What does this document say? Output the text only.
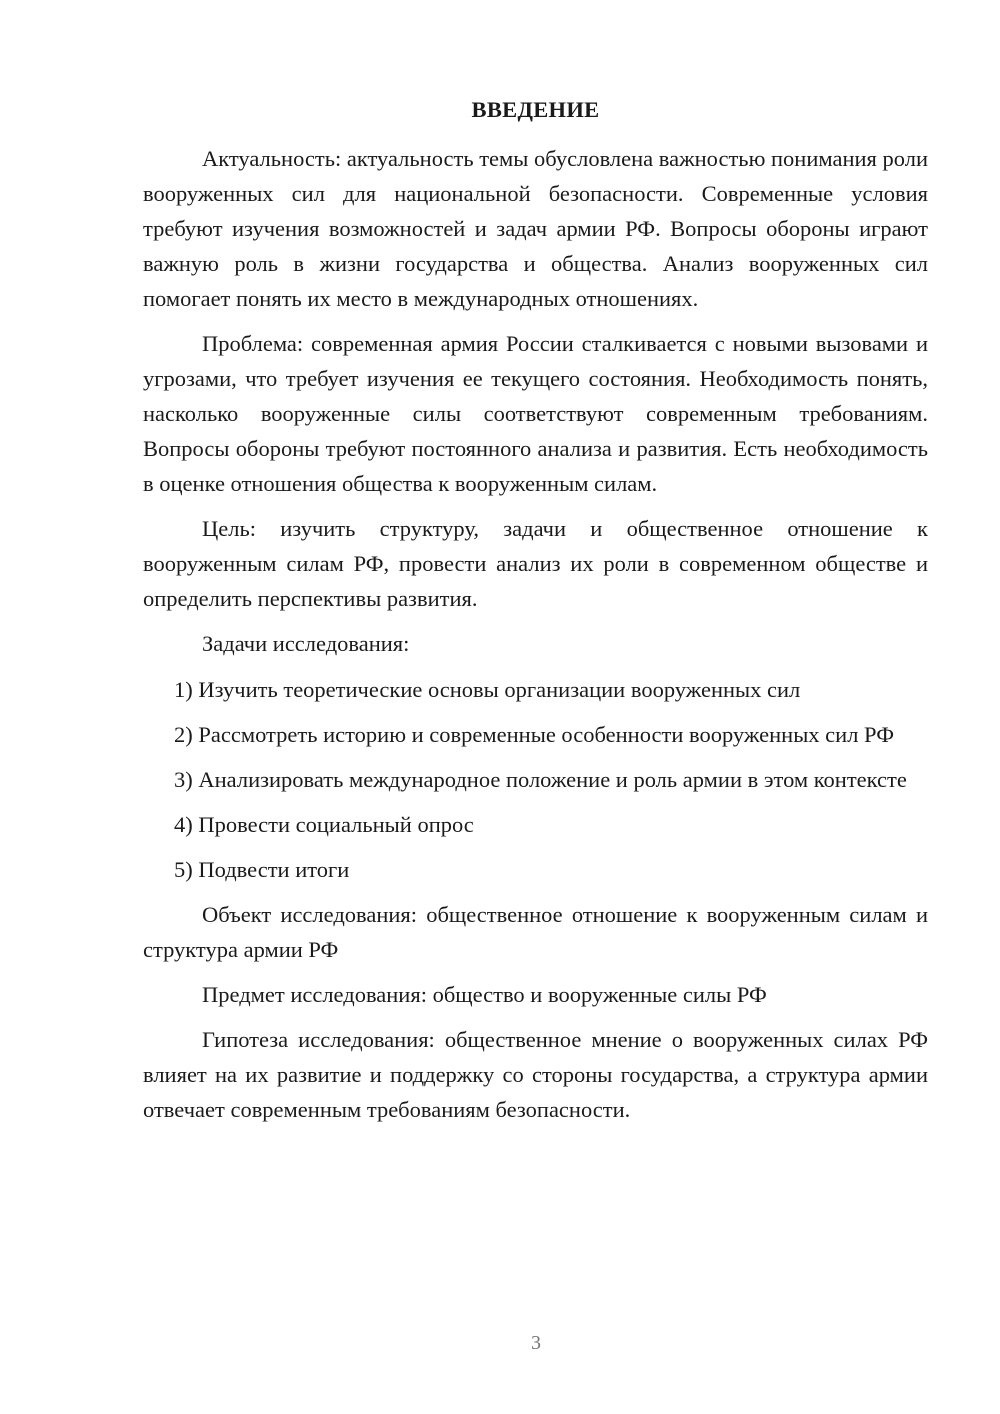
ВВЕДЕНИЕ

Актуальность: актуальность темы обусловлена важностью понимания роли вооруженных сил для национальной безопасности. Современные условия требуют изучения возможностей и задач армии РФ. Вопросы обороны играют важную роль в жизни государства и общества. Анализ вооруженных сил помогает понять их место в международных отношениях.

Проблема: современная армия России сталкивается с новыми вызовами и угрозами, что требует изучения ее текущего состояния. Необходимость понять, насколько вооруженные силы соответствуют современным требованиям. Вопросы обороны требуют постоянного анализа и развития. Есть необходимость в оценке отношения общества к вооруженным силам.

Цель: изучить структуру, задачи и общественное отношение к вооруженным силам РФ, провести анализ их роли в современном обществе и определить перспективы развития.

Задачи исследования:

1) Изучить теоретические основы организации вооруженных сил

2) Рассмотреть историю и современные особенности вооруженных сил РФ

3) Анализировать международное положение и роль армии в этом контексте

4) Провести социальный опрос

5) Подвести итоги

Объект исследования: общественное отношение к вооруженным силам и структура армии РФ

Предмет исследования: общество и вооруженные силы РФ

Гипотеза исследования: общественное мнение о вооруженных силах РФ влияет на их развитие и поддержку со стороны государства, а структура армии отвечает современным требованиям безопасности.

3
